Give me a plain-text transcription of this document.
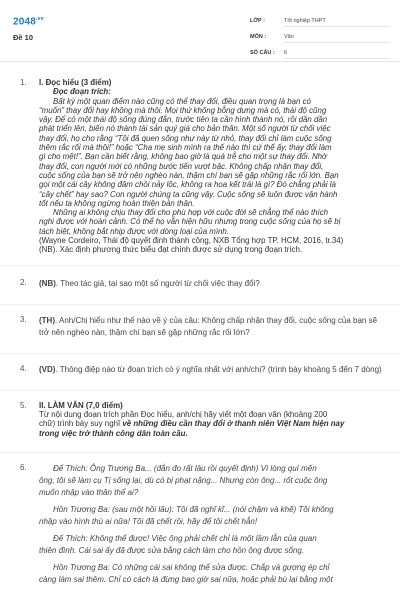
$2048^{.vn}$
Đề 10
LỚP :	Tốt nghiệp THPT
MÔN :	Văn
SỐ CÂU :	6
1. I. Đọc hiểu (3 điểm)
Đọc đoạn trích:
Bất kỳ một quan điểm nào cũng có thể thay đổi, điều quan trọng là bạn có
“muốn” thay đổi hay không mà thôi. Mọi thứ không bỗng dưng mà có, thái độ cũng
vậy. Để có một thái độ sống đúng đắn, trước tiên ta cần hình thành nó, rồi dần dần
phát triển lên, biến nó thành tài sản quý giá cho bản thân. Một số người từ chối việc
thay đổi, họ cho rằng “Tôi đã quen sống như này từ nhỏ, thay đổi chỉ làm cuộc sống
thêm rắc rối mà thôi!” hoặc “Cha mẹ sinh mình ra thế nào thì cứ thế ấy, thay đổi làm
gì cho mệt!”. Bạn cần biết rằng, không bao giờ là quá trễ cho một sự thay đổi. Nhờ
thay đổi, con người mới có những bước tiến vượt bậc. Không chấp nhận thay đổi,
cuộc sống của bạn sẽ trở nên nghèo nàn, thậm chí bạn sẽ gặp những rắc rối lớn. Bạn
gọi một cái cây không đâm chồi nảy lộc, không ra hoa kết trái là gì? Đó chẳng phải là
“cây chết” hay sao? Con người chúng ta cũng vậy. Cuộc sống sẽ luôn được vận hành
tốt nếu ta không ngừng hoàn thiện bản thân.
Những ai không chịu thay đổi cho phù hợp với cuộc đời sẽ chẳng thể nào thích
nghi được với hoàn cảnh. Có thể họ vẫn hiện hữu nhưng trong cuộc sống của họ sẽ bị
tách biệt, không bắt nhịp được với dòng loại của mình.
(Wayne Cordeiro, Thái độ quyết định thành công, NXB Tổng hợp TP. HCM, 2016, tr.34)
(NB). Xác định phương thức biểu đạt chính được sử dụng trong đoạn trích.
2. (NB). Theo tác giả, tại sao một số người từ chối việc thay đổi?
3. (TH). Anh/Chị hiểu như thế nào về ý của câu: Không chấp nhận thay đổi, cuộc sống của bạn sẽ trở nên nghèo nàn, thậm chí bạn sẽ gặp những rắc rối lớn?
4. (VD). Thông điệp nào từ đoạn trích có ý nghĩa nhất với anh/chị? (trình bày khoảng 5 đến 7 dòng)
5. II. LÀM VĂN (7,0 điểm)
Từ nội dung đoạn trích phần Đọc hiểu, anh/chị hãy viết một đoạn văn (khoảng 200
chữ) trình bày suy nghĩ về những điều cần thay đổi ở thanh niên Việt Nam hiện nay
trong việc trở thành công dân toàn cầu.
6.	Đế Thích: Ông Trương Ba... (đắn đo rất lâu rồi quyết định) Vì lòng quí mến
ông, tôi sẽ làm cụ Tị sống lại, dù có bị phạt nặng... Nhưng còn ông... rốt cuộc ông
muốn nhập vào thân thể ai?
Hồn Trương Ba: (sau một hồi lâu): Tôi đã nghĩ kĩ... (nói chậm và khẽ) Tôi không
nhập vào hình thù ai nữa! Tôi đã chết rồi, hãy để tôi chết hẳn!
Đế Thích: Không thể được! Việc ông phải chết chỉ là một lầm lẫn của quan
thiên đình. Cái sai ấy đã được sửa bằng cách làm cho hồn ông được sống.
Hồn Trương Ba: Có những cái sai không thể sửa được. Chắp vá gượng ép chỉ
càng làm sai thêm. Chỉ có cách là đừng bao giờ sai nữa, hoặc phải bù lại bằng một
